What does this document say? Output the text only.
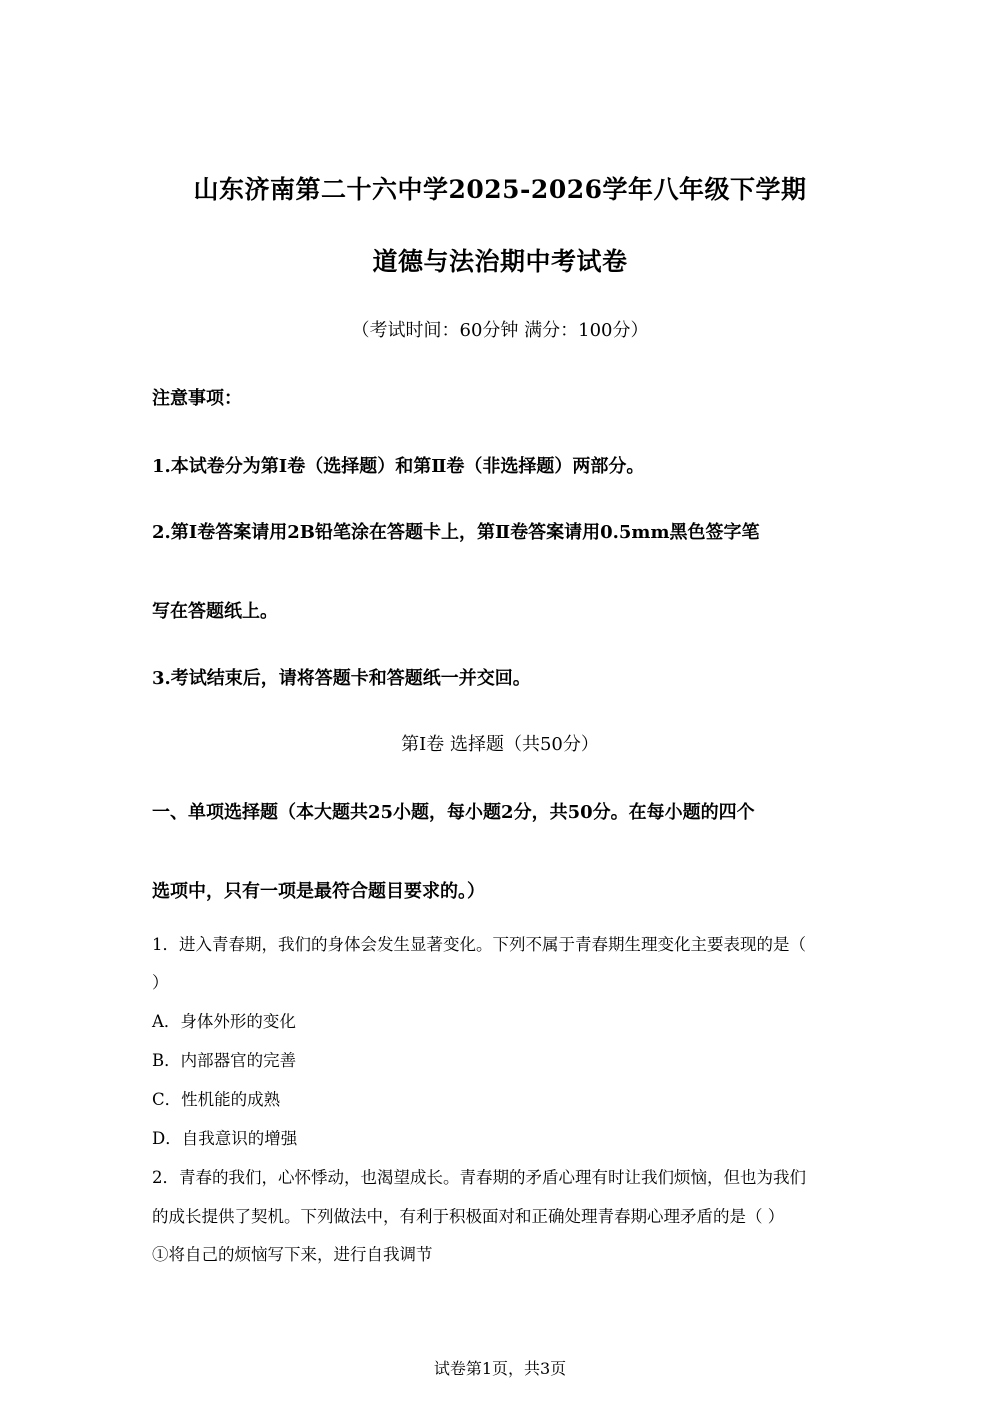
山东济南第二十六中学2025-2026学年八年级下学期
道德与法治期中考试卷
（考试时间：60分钟 满分：100分）
注意事项：
1.本试卷分为第Ⅰ卷（选择题）和第Ⅱ卷（非选择题）两部分。
2.第Ⅰ卷答案请用2B铅笔涂在答题卡上，第Ⅱ卷答案请用0.5mm黑色签字笔
写在答题纸上。
3.考试结束后，请将答题卡和答题纸一并交回。
第Ⅰ卷 选择题（共50分）
一、单项选择题（本大题共25小题，每小题2分，共50分。在每小题的四个
选项中，只有一项是最符合题目要求的。）
1．进入青春期，我们的身体会发生显著变化。下列不属于青春期生理变化主要表现的是（
）
A．身体外形的变化
B．内部器官的完善
C．性机能的成熟
D．自我意识的增强
2．青春的我们，心怀悸动，也渴望成长。青春期的矛盾心理有时让我们烦恼，但也为我们
的成长提供了契机。下列做法中，有利于积极面对和正确处理青春期心理矛盾的是（ ）
①将自己的烦恼写下来，进行自我调节
试卷第1页，共3页
